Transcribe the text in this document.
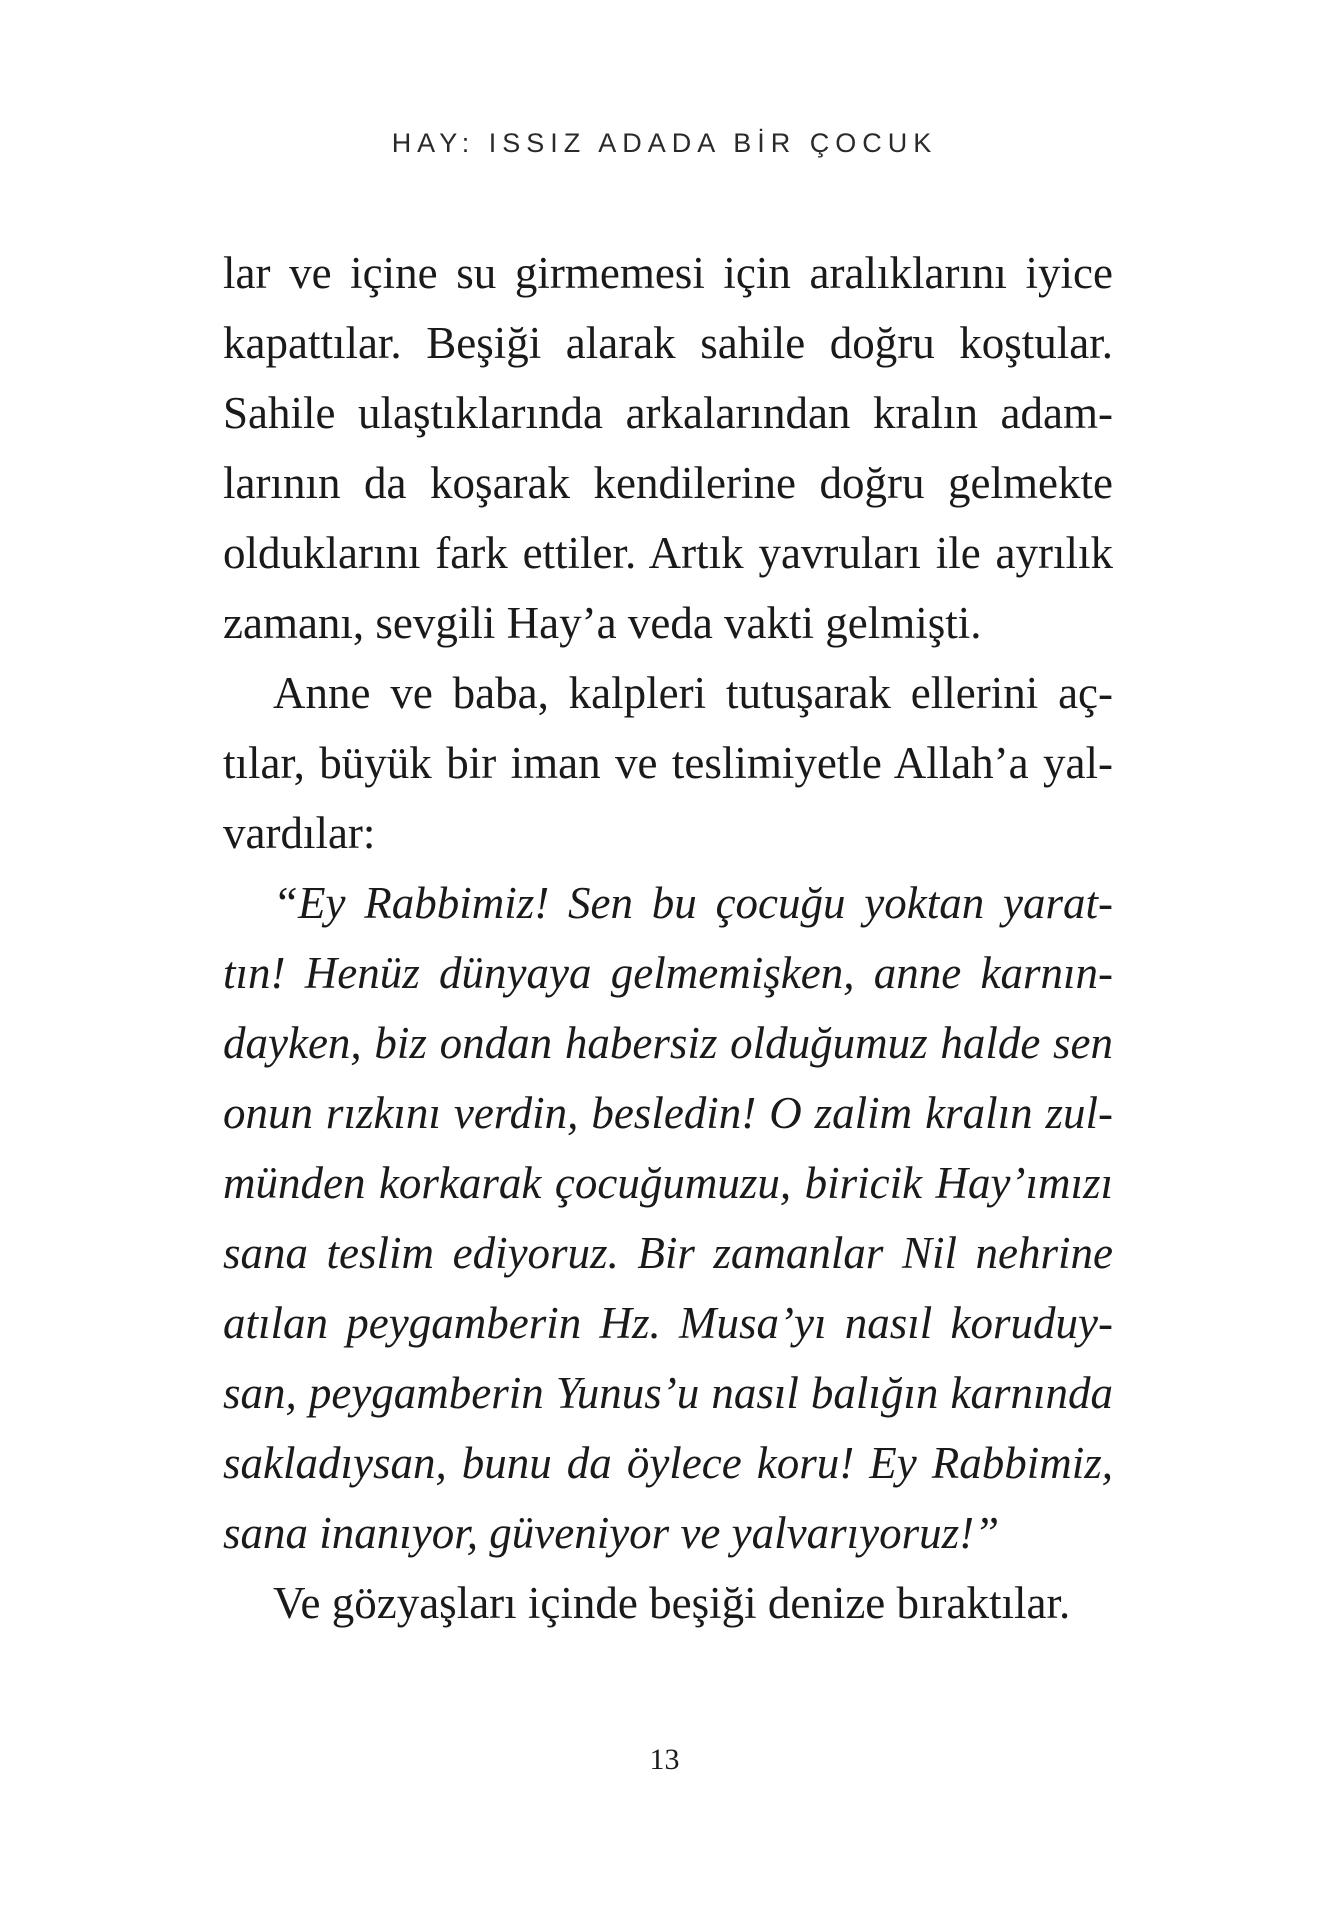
HAY: ISSIZ ADADA BİR ÇOCUK
lar ve içine su girmemesi için aralıklarını iyice
kapattılar. Beşiği alarak sahile doğru koştular.
Sahile ulaştıklarında arkalarından kralın adam-
larının da koşarak kendilerine doğru gelmekte
olduklarını fark ettiler. Artık yavruları ile ayrılık
zamanı, sevgili Hay’a veda vakti gelmişti.
Anne ve baba, kalpleri tutuşarak ellerini aç-
tılar, büyük bir iman ve teslimiyetle Allah’a yal-
vardılar:
“Ey Rabbimiz! Sen bu çocuğu yoktan yarat-
tın! Henüz dünyaya gelmemişken, anne karnın-
dayken, biz ondan habersiz olduğumuz halde sen
onun rızkını verdin, besledin! O zalim kralın zul-
münden korkarak çocuğumuzu, biricik Hay’ımızı
sana teslim ediyoruz. Bir zamanlar Nil nehrine
atılan peygamberin Hz. Musa’yı nasıl koruduy-
san, peygamberin Yunus’u nasıl balığın karnında
sakladıysan, bunu da öylece koru! Ey Rabbimiz,
sana inanıyor, güveniyor ve yalvarıyoruz!”
Ve gözyaşları içinde beşiği denize bıraktılar.
13
